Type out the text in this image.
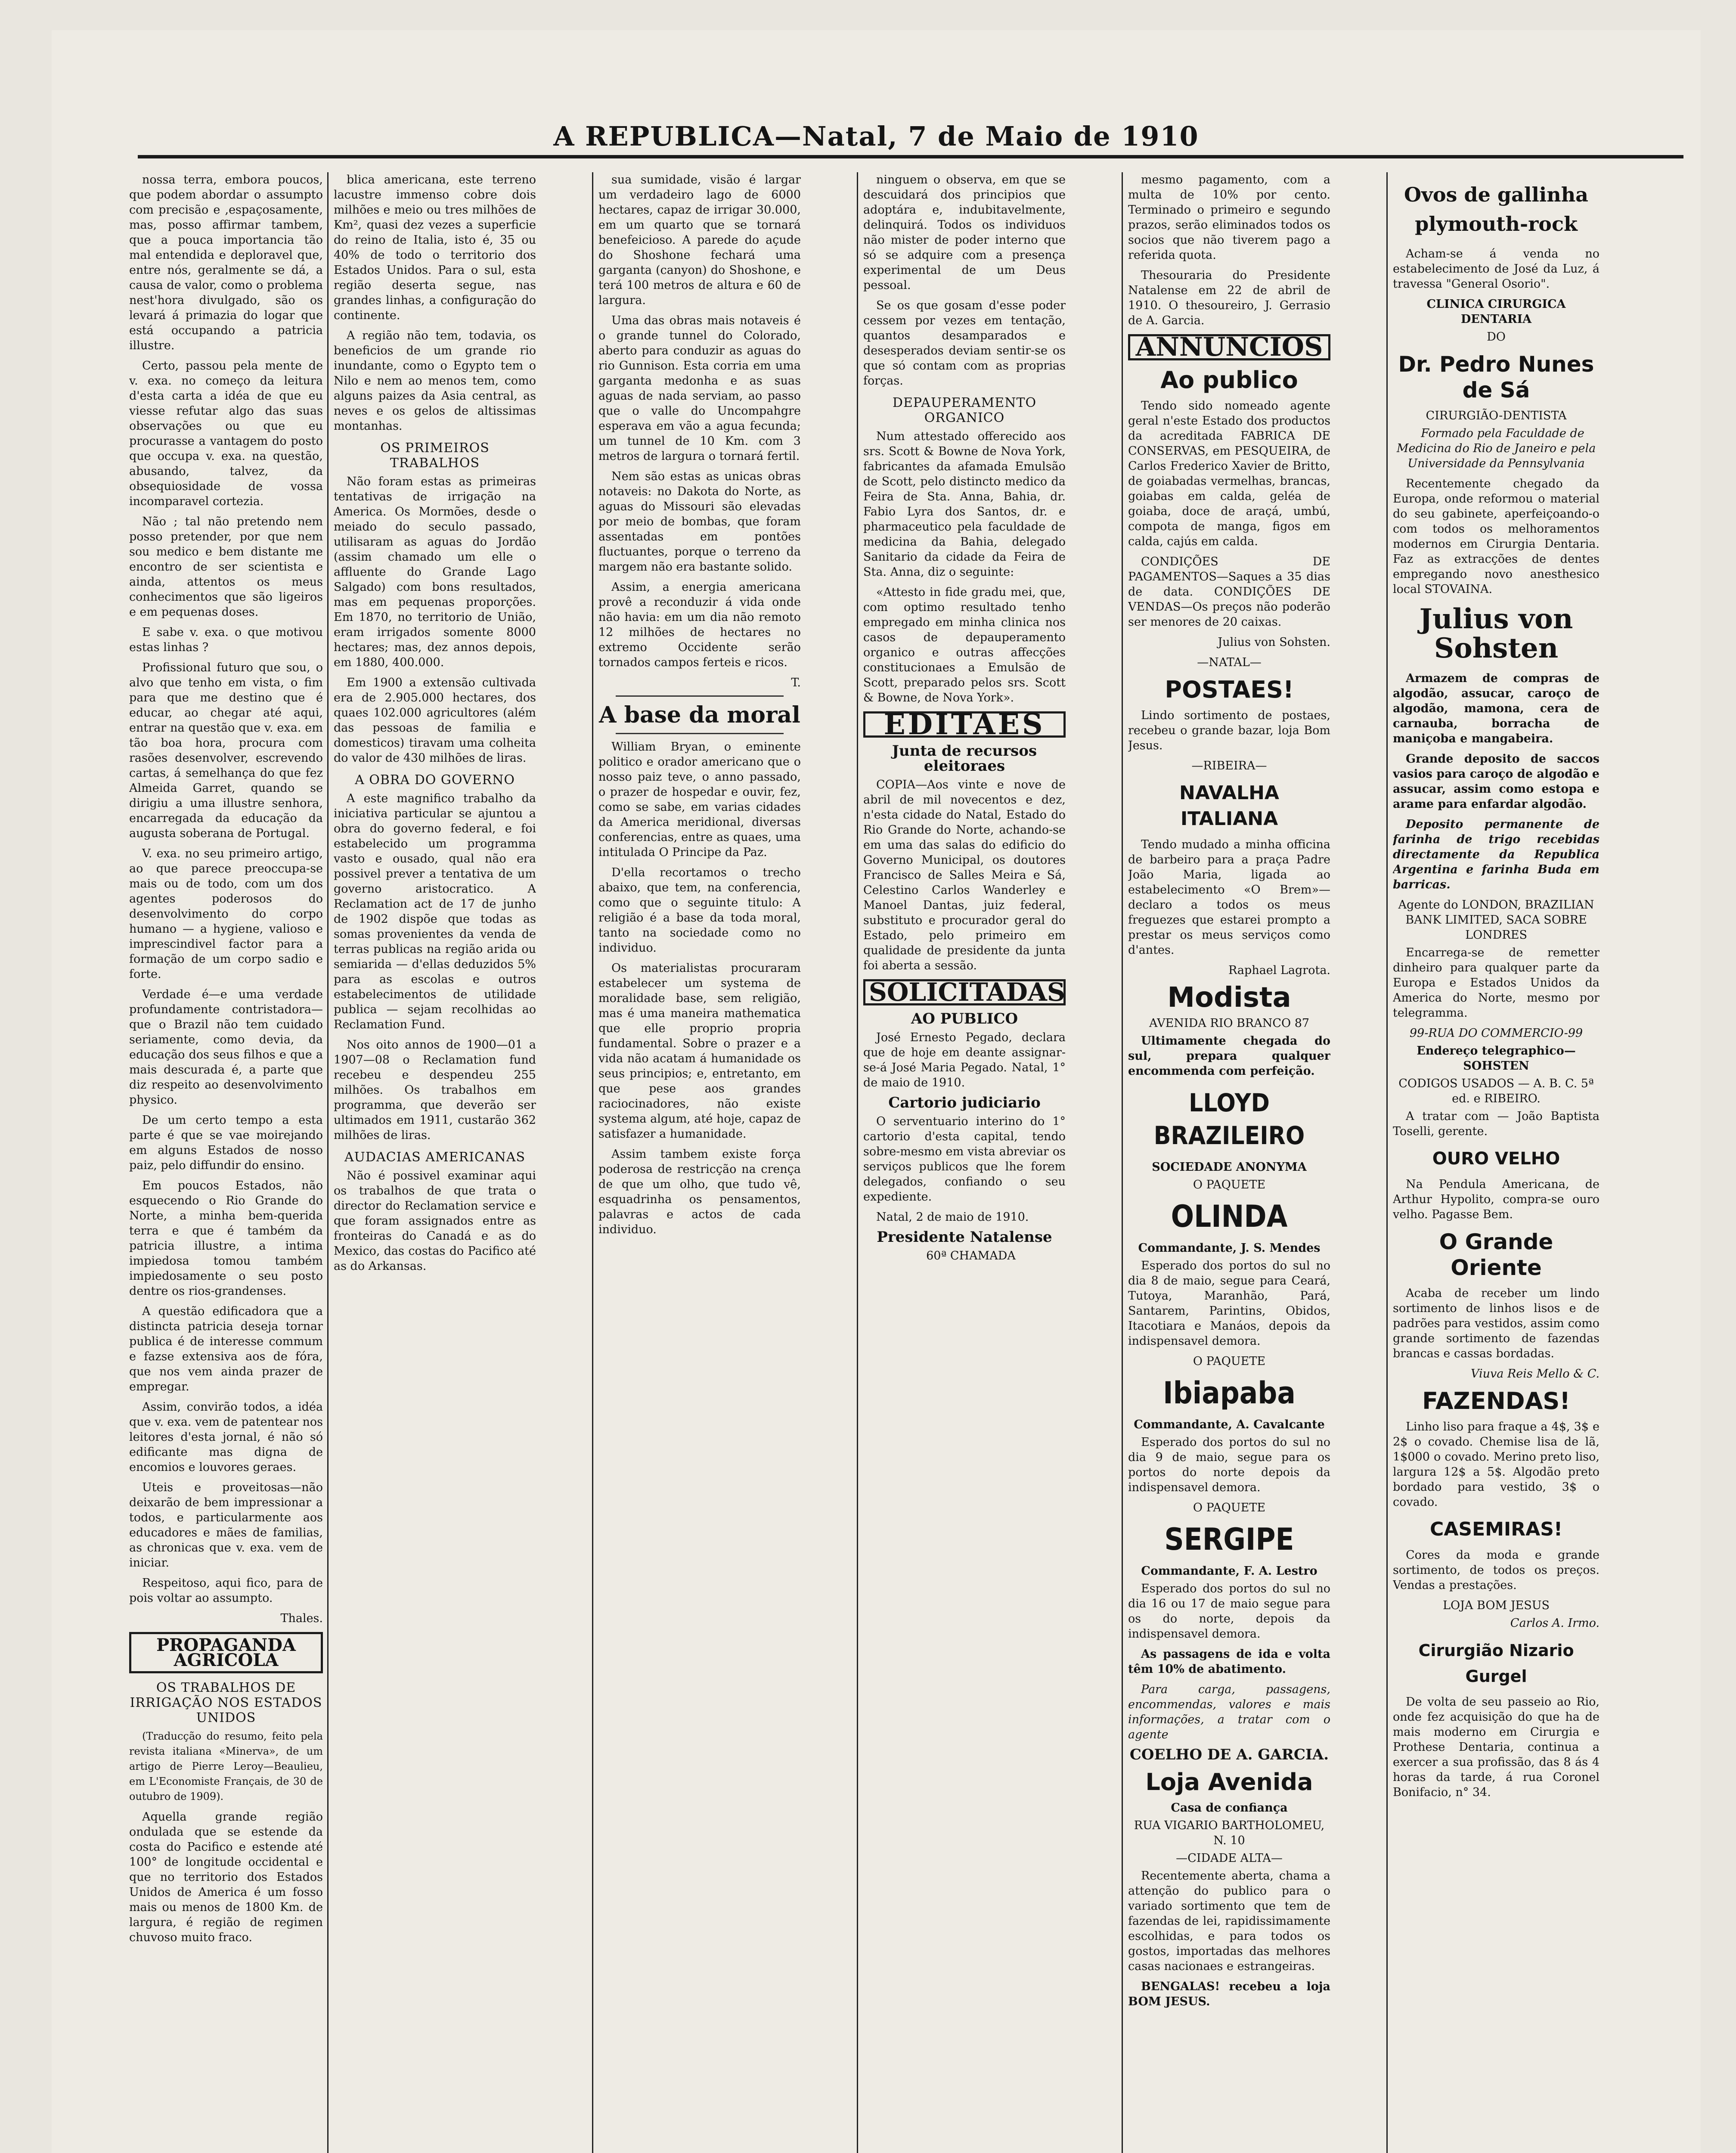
A REPUBLICA—Natal, 7 de Maio de 1910

nossa terra, embora poucos, que podem abordar o assumpto com precisão e ,espaçosamente, mas, posso affirmar tambem, que a pouca importancia tão mal entendida e deploravel que, entre nós, geralmente se dá, a causa de valor, como o problema nest'hora divulgado, são os levará á primazia do logar que está occupando a patricia illustre.

Certo, passou pela mente de v. exa. no começo da leitura d'esta carta a idéa de que eu viesse refutar algo das suas observações ou que eu procurasse a vantagem do posto que occupa v. exa. na questão, abusando, talvez, da obsequiosidade de vossa incomparavel cortezia.

Não ; tal não pretendo nem posso pretender, por que nem sou medico e bem distante me encontro de ser scientista e ainda, attentos os meus conhecimentos que são ligeiros e em pequenas doses.

E sabe v. exa. o que motivou estas linhas ?

Profissional futuro que sou, o alvo que tenho em vista, o fim para que me destino que é educar, ao chegar até aqui, entrar na questão que v. exa. em tão boa hora, procura com rasões desenvolver, escrevendo cartas, á semelhança do que fez Almeida Garret, quando se dirigiu a uma illustre senhora, encarregada da educação da augusta soberana de Portugal.

V. exa. no seu primeiro artigo, ao que parece preoccupa-se mais ou de todo, com um dos agentes poderosos do desenvolvimento do corpo humano — a hygiene, valioso e imprescindivel factor para a formação de um corpo sadio e forte.

Verdade é—e uma verdade profundamente contristadora—que o Brazil não tem cuidado seriamente, como devia, da educação dos seus filhos e que a mais descurada é, a parte que diz respeito ao desenvolvimento physico.

De um certo tempo a esta parte é que se vae moirejando em alguns Estados de nosso paiz, pelo diffundir do ensino.

Em poucos Estados, não esquecendo o Rio Grande do Norte, a minha bem-querida terra e que é também da patricia illustre, a intima impiedosa tomou também impiedosamente o seu posto dentre os rios-grandenses.

A questão edificadora que a distincta patricia deseja tornar publica é de interesse commum e fazse extensiva aos de fóra, que nos vem ainda prazer de empregar.

Assim, convirão todos, a idéa que v. exa. vem de patentear nos leitores d'esta jornal, é não só edificante mas digna de encomios e louvores geraes.

Uteis e proveitosas—não deixarão de bem impressionar a todos, e particularmente aos educadores e mães de familias, as chronicas que v. exa. vem de iniciar.

Respeitoso, aqui fico, para de pois voltar ao assumpto.

Thales.

PROPAGANDA AGRICOLA
OS TRABALHOS DE IRRIGAÇÃO NOS ESTADOS UNIDOS

(Traducção do resumo, feito pela revista italiana «Minerva», de um artigo de Pierre Leroy—Beaulieu, em L'Economiste Français, de 30 de outubro de 1909).

Aquella grande região ondulada que se estende da costa do Pacifico e estende até 100° de longitude occidental e que no territorio dos Estados Unidos de America é um fosso mais ou menos de 1800 Km. de largura, é região de regimen chuvoso muito fraco.

blica americana, este terreno lacustre immenso cobre dois milhões e meio ou tres milhões de Km², quasi dez vezes a superficie do reino de Italia, isto é, 35 ou 40% de todo o territorio dos Estados Unidos. Para o sul, esta região deserta segue, nas grandes linhas, a configuração do continente.

A região não tem, todavia, os beneficios de um grande rio inundante, como o Egypto tem o Nilo e nem ao menos tem, como alguns paizes da Asia central, as neves e os gelos de altissimas montanhas.

OS PRIMEIROS TRABALHOS

Não foram estas as primeiras tentativas de irrigação na America. Os Mormões, desde o meiado do seculo passado, utilisaram as aguas do Jordão (assim chamado um elle o affluente do Grande Lago Salgado) com bons resultados, mas em pequenas proporções. Em 1870, no territorio de União, eram irrigados somente 8000 hectares; mas, dez annos depois, em 1880, 400.000.

Em 1900 a extensão cultivada era de 2.905.000 hectares, dos quaes 102.000 agricultores (além das pessoas de familia e domesticos) tiravam uma colheita do valor de 430 milhões de liras.

A OBRA DO GOVERNO

A este magnifico trabalho da iniciativa particular se ajuntou a obra do governo federal, e foi estabelecido um programma vasto e ousado, qual não era possivel prever a tentativa de um governo aristocratico. A Reclamation act de 17 de junho de 1902 dispõe que todas as somas provenientes da venda de terras publicas na região arida ou semiarida — d'ellas deduzidos 5% para as escolas e outros estabelecimentos de utilidade publica — sejam recolhidas ao Reclamation Fund.

Nos oito annos de 1900—01 a 1907—08 o Reclamation fund recebeu e despendeu 255 milhões. Os trabalhos em programma, que deverão ser ultimados em 1911, custarão 362 milhões de liras.

AUDACIAS AMERICANAS

Não é possivel examinar aqui os trabalhos de que trata o director do Reclamation service e que foram assignados entre as fronteiras do Canadá e as do Mexico, das costas do Pacifico até as do Arkansas.

sua sumidade, visão é largar um verdadeiro lago de 6000 hectares, capaz de irrigar 30.000, em um quarto que se tornará benefeicioso. A parede do açude do Shoshone fechará uma garganta (canyon) do Shoshone, e terá 100 metros de altura e 60 de largura.

Uma das obras mais notaveis é o grande tunnel do Colorado, aberto para conduzir as aguas do rio Gunnison. Esta corria em uma garganta medonha e as suas aguas de nada serviam, ao passo que o valle do Uncompahgre esperava em vão a agua fecunda; um tunnel de 10 Km. com 3 metros de largura o tornará fertil.

Nem são estas as unicas obras notaveis: no Dakota do Norte, as aguas do Missouri são elevadas por meio de bombas, que foram assentadas em pontões fluctuantes, porque o terreno da margem não era bastante solido.

Assim, a energia americana provê a reconduzir á vida onde não havia: em um dia não remoto 12 milhões de hectares no extremo Occidente serão tornados campos ferteis e ricos.

T.

A base da moral

William Bryan, o eminente politico e orador americano que o nosso paiz teve, o anno passado, o prazer de hospedar e ouvir, fez, como se sabe, em varias cidades da America meridional, diversas conferencias, entre as quaes, uma intitulada O Principe da Paz.

D'ella recortamos o trecho abaixo, que tem, na conferencia, como que o seguinte titulo: A religião é a base da toda moral, tanto na sociedade como no individuo.

Os materialistas procuraram estabelecer um systema de moralidade base, sem religião, mas é uma maneira mathematica que elle proprio propria fundamental. Sobre o prazer e a vida não acatam á humanidade os seus principios; e, entretanto, em que pese aos grandes raciocinadores, não existe systema algum, até hoje, capaz de satisfazer a humanidade.

Assim tambem existe força poderosa de restricção na crença de que um olho, que tudo vê, esquadrinha os pensamentos, palavras e actos de cada individuo.

ninguem o observa, em que se descuidará dos principios que adoptára e, indubitavelmente, delinquirá. Todos os individuos não mister de poder interno que só se adquire com a presença experimental de um Deus pessoal.

Se os que gosam d'esse poder cessem por vezes em tentação, quantos desamparados e desesperados deviam sentir-se os que só contam com as proprias forças.

DEPAUPERAMENTO ORGANICO

Num attestado offerecido aos srs. Scott & Bowne de Nova York, fabricantes da afamada Emulsão de Scott, pelo distincto medico da Feira de Sta. Anna, Bahia, dr. Fabio Lyra dos Santos, dr. e pharmaceutico pela faculdade de medicina da Bahia, delegado Sanitario da cidade da Feira de Sta. Anna, diz o seguinte:

«Attesto in fide gradu mei, que, com optimo resultado tenho empregado em minha clinica nos casos de depauperamento organico e outras affecções constitucionaes a Emulsão de Scott, preparado pelos srs. Scott & Bowne, de Nova York».

EDITAES
Junta de recursos eleitoraes

COPIA—Aos vinte e nove de abril de mil novecentos e dez, n'esta cidade do Natal, Estado do Rio Grande do Norte, achando-se em uma das salas do edificio do Governo Municipal, os doutores Francisco de Salles Meira e Sá, Celestino Carlos Wanderley e Manoel Dantas, juiz federal, substituto e procurador geral do Estado, pelo primeiro em qualidade de presidente da junta foi aberta a sessão.

SOLICITADAS
AO PUBLICO

José Ernesto Pegado, declara que de hoje em deante assignar-se-á José Maria Pegado. Natal, 1° de maio de 1910.

Cartorio judiciario

O serventuario interino do 1° cartorio d'esta capital, tendo sobre-mesmo em vista abreviar os serviços publicos que lhe forem delegados, confiando o seu expediente.

Natal, 2 de maio de 1910.

Presidente Natalense

60ª CHAMADA

mesmo pagamento, com a multa de 10% por cento. Terminado o primeiro e segundo prazos, serão eliminados todos os socios que não tiverem pago a referida quota.

Thesouraria do Presidente Natalense em 22 de abril de 1910. O thesoureiro, J. Gerrasio de A. Garcia.

ANNUNCIOS
Ao publico

Tendo sido nomeado agente geral n'este Estado dos productos da acreditada FABRICA DE CONSERVAS, em PESQUEIRA, de Carlos Frederico Xavier de Britto, de goiabadas vermelhas, brancas, goiabas em calda, geléa de goiaba, doce de araçá, umbú, compota de manga, figos em calda, cajús em calda.

CONDIÇÕES DE PAGAMENTOS—Saques a 35 dias de data. CONDIÇÕES DE VENDAS—Os preços não poderão ser menores de 20 caixas.

Julius von Sohsten.

—NATAL—
POSTAES!

Lindo sortimento de postaes, recebeu o grande bazar, loja Bom Jesus.

—RIBEIRA—
NAVALHA ITALIANA

Tendo mudado a minha officina de barbeiro para a praça Padre João Maria, ligada ao estabelecimento «O Brem»—declaro a todos os meus freguezes que estarei prompto a prestar os meus serviços como d'antes.

Raphael Lagrota.

Modista
AVENIDA RIO BRANCO 87

Ultimamente chegada do sul, prepara qualquer encommenda com perfeição.

LLOYD BRAZILEIRO
SOCIEDADE ANONYMA
O PAQUETE
OLINDA
Commandante, J. S. Mendes

Esperado dos portos do sul no dia 8 de maio, segue para Ceará, Tutoya, Maranhão, Pará, Santarem, Parintins, Obidos, Itacotiara e Manáos, depois da indispensavel demora.

O PAQUETE
Ibiapaba
Commandante, A. Cavalcante

Esperado dos portos do sul no dia 9 de maio, segue para os portos do norte depois da indispensavel demora.

O PAQUETE
SERGIPE
Commandante, F. A. Lestro

Esperado dos portos do sul no dia 16 ou 17 de maio segue para os do norte, depois da indispensavel demora.

As passagens de ida e volta têm 10% de abatimento.

Para carga, passagens, encommendas, valores e mais informações, a tratar com o agente

COELHO DE A. GARCIA.
Loja Avenida
Casa de confiança
RUA VIGARIO BARTHOLOMEU, N. 10
—CIDADE ALTA—

Recentemente aberta, chama a attenção do publico para o variado sortimento que tem de fazendas de lei, rapidissimamente escolhidas, e para todos os gostos, importadas das melhores casas nacionaes e estrangeiras.

BENGALAS! recebeu a loja BOM JESUS.

Ovos de gallinha plymouth-rock

Acham-se á venda no estabelecimento de José da Luz, á travessa "General Osorio".

CLINICA CIRURGICA DENTARIA
DO
Dr. Pedro Nunes de Sá
CIRURGIÃO-DENTISTA

Formado pela Faculdade de Medicina do Rio de Janeiro e pela Universidade da Pennsylvania

Recentemente chegado da Europa, onde reformou o material do seu gabinete, aperfeiçoando-o com todos os melhoramentos modernos em Cirurgia Dentaria. Faz as extracções de dentes empregando novo anesthesico local STOVAINA.

Julius von Sohsten

Armazem de compras de algodão, assucar, caroço de algodão, mamona, cera de carnauba, borracha de maniçoba e mangabeira.

Grande deposito de saccos vasios para caroço de algodão e assucar, assim como estopa e arame para enfardar algodão.

Deposito permanente de farinha de trigo recebidas directamente da Republica Argentina e farinha Buda em barricas.

Agente do LONDON, BRAZILIAN BANK LIMITED, SACA SOBRE LONDRES

Encarrega-se de remetter dinheiro para qualquer parte da Europa e Estados Unidos da America do Norte, mesmo por telegramma.

99-RUA DO COMMERCIO-99
Endereço telegraphico—SOHSTEN
CODIGOS USADOS — A. B. C. 5ª ed. e RIBEIRO.

A tratar com — João Baptista Toselli, gerente.

OURO VELHO

Na Pendula Americana, de Arthur Hypolito, compra-se ouro velho. Pagasse Bem.

O Grande Oriente

Acaba de receber um lindo sortimento de linhos lisos e de padrões para vestidos, assim como grande sortimento de fazendas brancas e cassas bordadas.

Viuva Reis Mello & C.

FAZENDAS!

Linho liso para fraque a 4$, 3$ e 2$ o covado. Chemise lisa de lã, 1$000 o covado. Merino preto liso, largura 12$ a 5$. Algodão preto bordado para vestido, 3$ o covado.

CASEMIRAS!

Cores da moda e grande sortimento, de todos os preços. Vendas a prestações.

LOJA BOM JESUS

Carlos A. Irmo.

Cirurgião Nizario Gurgel

De volta de seu passeio ao Rio, onde fez acquisição do que ha de mais moderno em Cirurgia e Prothese Dentaria, continua a exercer a sua profissão, das 8 ás 4 horas da tarde, á rua Coronel Bonifacio, n° 34.
